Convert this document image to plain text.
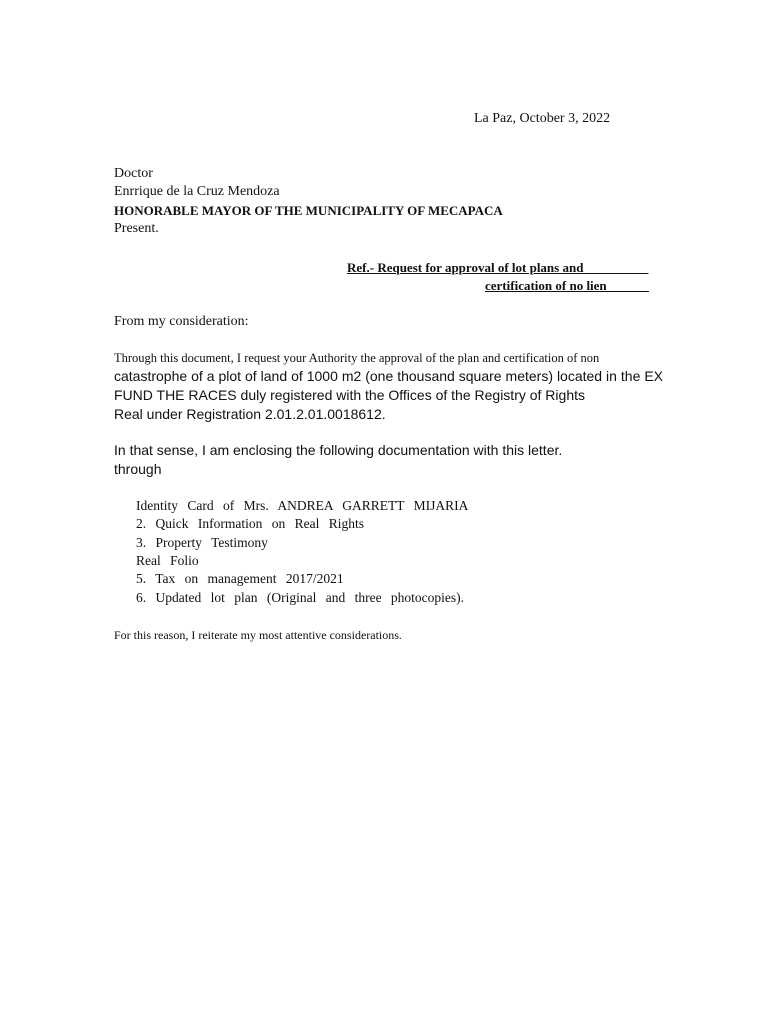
La Paz, October 3, 2022
Doctor
Enrrique de la Cruz Mendoza
HONORABLE MAYOR OF THE MUNICIPALITY OF MECAPACA
Present.
Ref.- Request for approval of lot plans and
certification of no lien
From my consideration:
Through this document, I request your Authority the approval of the plan and certification of non
catastrophe of a plot of land of 1000 m2 (one thousand square meters) located in the EX
FUND THE RACES duly registered with the Offices of the Registry of Rights
Real under Registration 2.01.2.01.0018612.
In that sense, I am enclosing the following documentation with this letter.
through
Identity Card of Mrs. ANDREA GARRETT MIJARIA
2. Quick Information on Real Rights
3. Property Testimony
Real Folio
5. Tax on management 2017/2021
6. Updated lot plan (Original and three photocopies).
For this reason, I reiterate my most attentive considerations.
